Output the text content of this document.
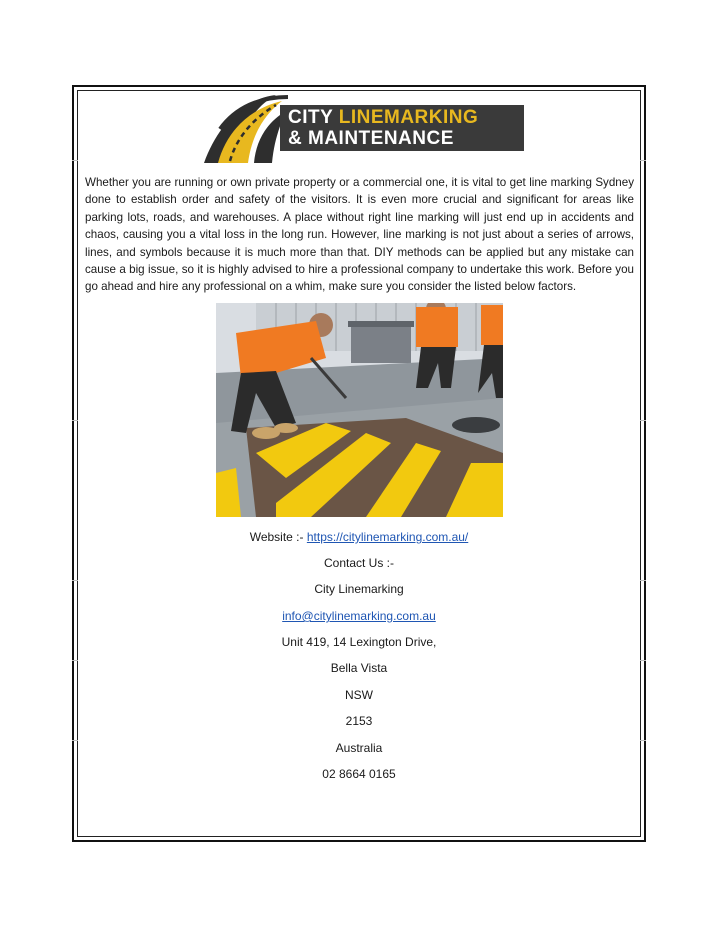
CITY LINEMARKING
& MAINTENANCE

Whether you are running or own private property or a commercial one, it is vital to get line marking Sydney done to establish order and safety of the visitors. It is even more crucial and significant for areas like parking lots, roads, and warehouses. A place without right line marking will just end up in accidents and chaos, causing you a vital loss in the long run. However, line marking is not just about a series of arrows, lines, and symbols because it is much more than that. DIY methods can be applied but any mistake can cause a big issue, so it is highly advised to hire a professional company to undertake this work. Before you go ahead and hire any professional on a whim, make sure you consider the listed below factors.

Website :- https://citylinemarking.com.au/
Contact Us :-
City Linemarking
info@citylinemarking.com.au
Unit 419, 14 Lexington Drive,
Bella Vista
NSW
2153
Australia
02 8664 0165
